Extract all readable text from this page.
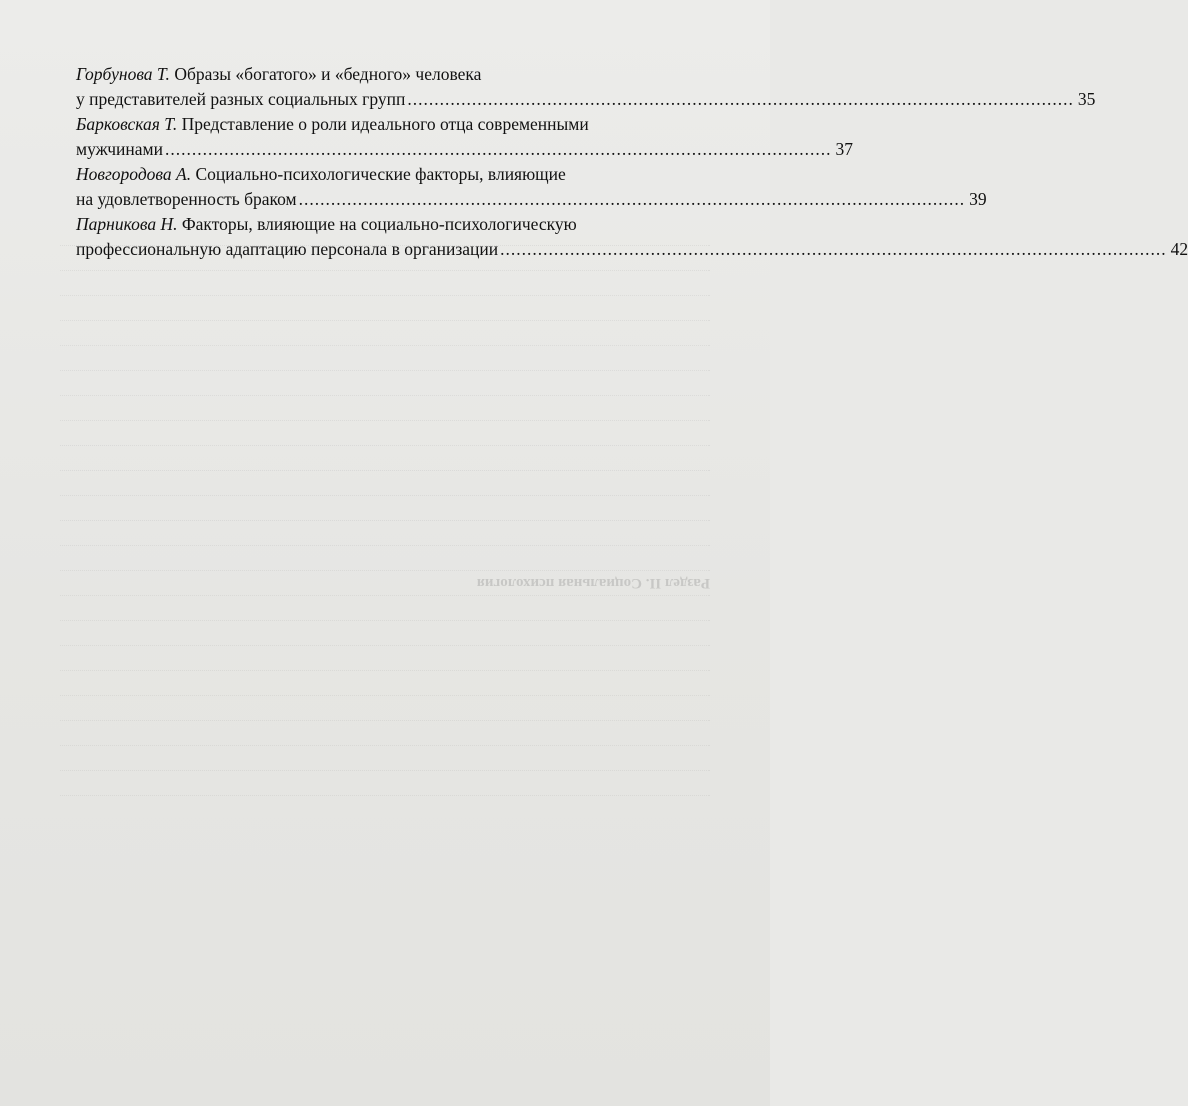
Раздел II. Социальная психология

Горбунова Т. Образы «богатого» и «бедного» человека
у представителей разных социальных групп ............................................................................................................................ 35

Барковская Т. Представление о роли идеального отца современными
мужчинами ............................................................................................................................ 37

Новгородова А. Социально-психологические факторы, влияющие
на удовлетворенность браком ............................................................................................................................ 39

Парникова Н. Факторы, влияющие на социально-психологическую
профессиональную адаптацию персонала в организации ............................................................................................................................ 42
